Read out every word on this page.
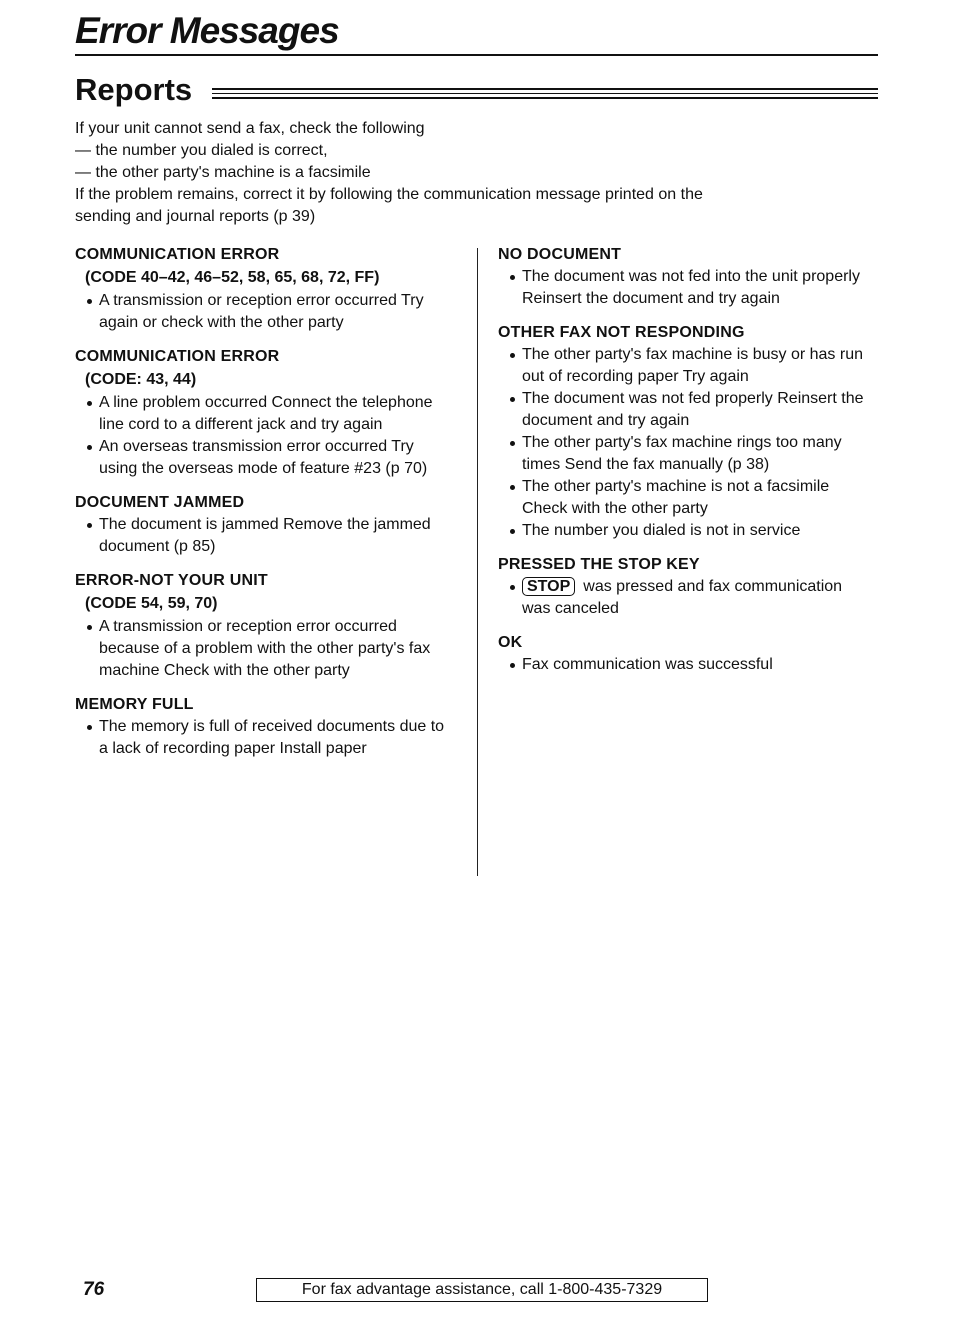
Error Messages
Reports
If your unit cannot send a fax, check the following
— the number you dialed is correct,
— the other party's machine is a facsimile
If the problem remains, correct it by following the communication message printed on the
sending and journal reports (p 39)
COMMUNICATION ERROR
(CODE 40–42, 46–52, 58, 65, 68, 72, FF)
A transmission or reception error occurred Try again or check with the other party
COMMUNICATION ERROR
(CODE: 43, 44)
A line problem occurred Connect the telephone line cord to a different jack and try again
An overseas transmission error occurred Try using the overseas mode of feature #23 (p 70)
DOCUMENT JAMMED
The document is jammed Remove the jammed document (p 85)
ERROR-NOT YOUR UNIT
(CODE 54, 59, 70)
A transmission or reception error occurred because of a problem with the other party's fax machine Check with the other party
MEMORY FULL
The memory is full of received documents due to a lack of recording paper Install paper
NO DOCUMENT
The document was not fed into the unit properly Reinsert the document and try again
OTHER FAX NOT RESPONDING
The other party's fax machine is busy or has run out of recording paper Try again
The document was not fed properly Reinsert the document and try again
The other party's fax machine rings too many times Send the fax manually (p 38)
The other party's machine is not a facsimile Check with the other party
The number you dialed is not in service
PRESSED THE STOP KEY
STOP was pressed and fax communication was canceled
OK
Fax communication was successful
76	For fax advantage assistance, call 1-800-435-7329
